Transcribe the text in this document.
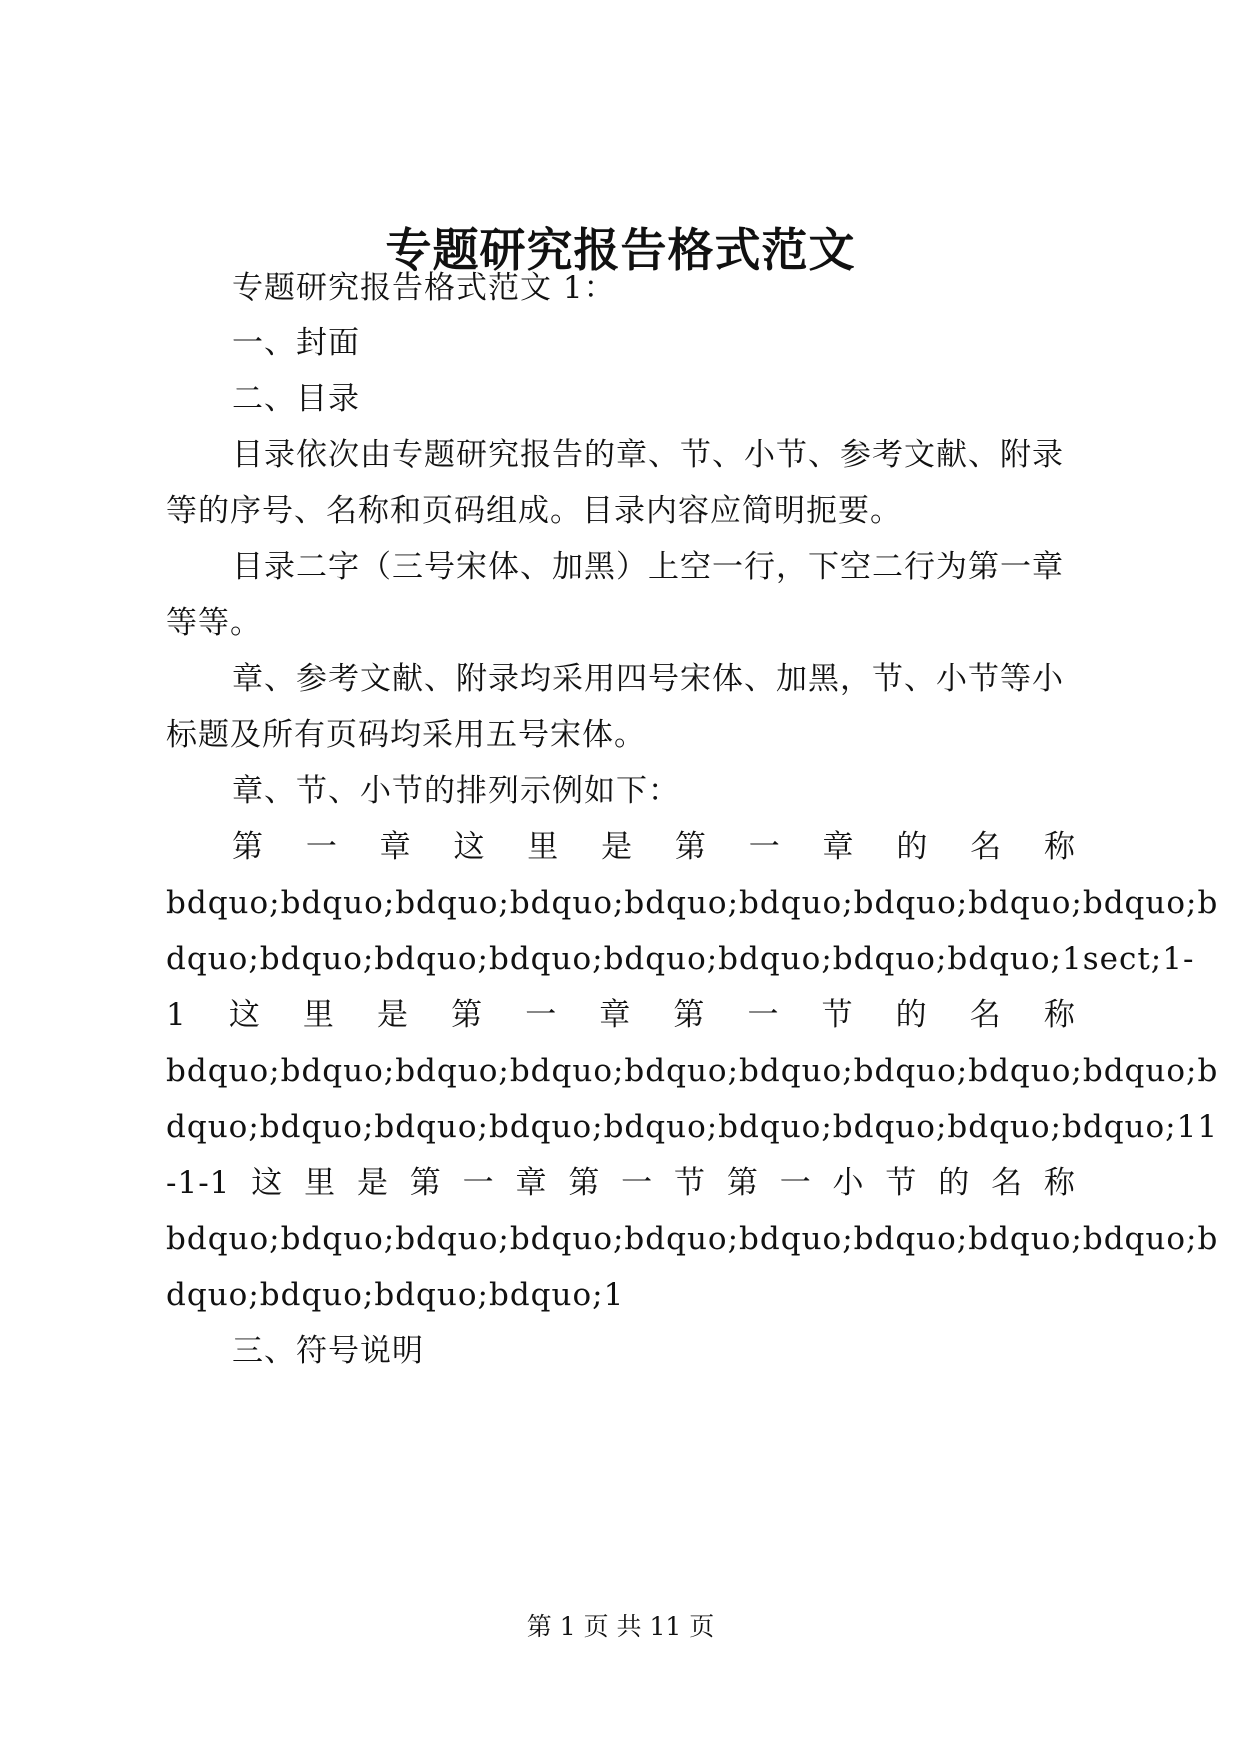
专题研究报告格式范文
专题研究报告格式范文 1：
一、封面
二、目录
目录依次由专题研究报告的章、节、小节、参考文献、附录
等的序号、名称和页码组成。目录内容应简明扼要。
目录二字（三号宋体、加黑）上空一行，下空二行为第一章
等等。
章、参考文献、附录均采用四号宋体、加黑，节、小节等小
标题及所有页码均采用五号宋体。
章、节、小节的排列示例如下：
第 一 章 这 里 是 第 一 章 的 名 称
bdquo;bdquo;bdquo;bdquo;bdquo;bdquo;bdquo;bdquo;bdquo;b
dquo;bdquo;bdquo;bdquo;bdquo;bdquo;bdquo;bdquo;1sect;1-
1 这 里 是 第 一 章 第 一 节 的 名 称
bdquo;bdquo;bdquo;bdquo;bdquo;bdquo;bdquo;bdquo;bdquo;b
dquo;bdquo;bdquo;bdquo;bdquo;bdquo;bdquo;bdquo;bdquo;11
-1-1 这 里 是 第 一 章 第 一 节 第 一 小 节 的 名 称
bdquo;bdquo;bdquo;bdquo;bdquo;bdquo;bdquo;bdquo;bdquo;b
dquo;bdquo;bdquo;bdquo;1
三、符号说明
第 1 页 共 11 页
